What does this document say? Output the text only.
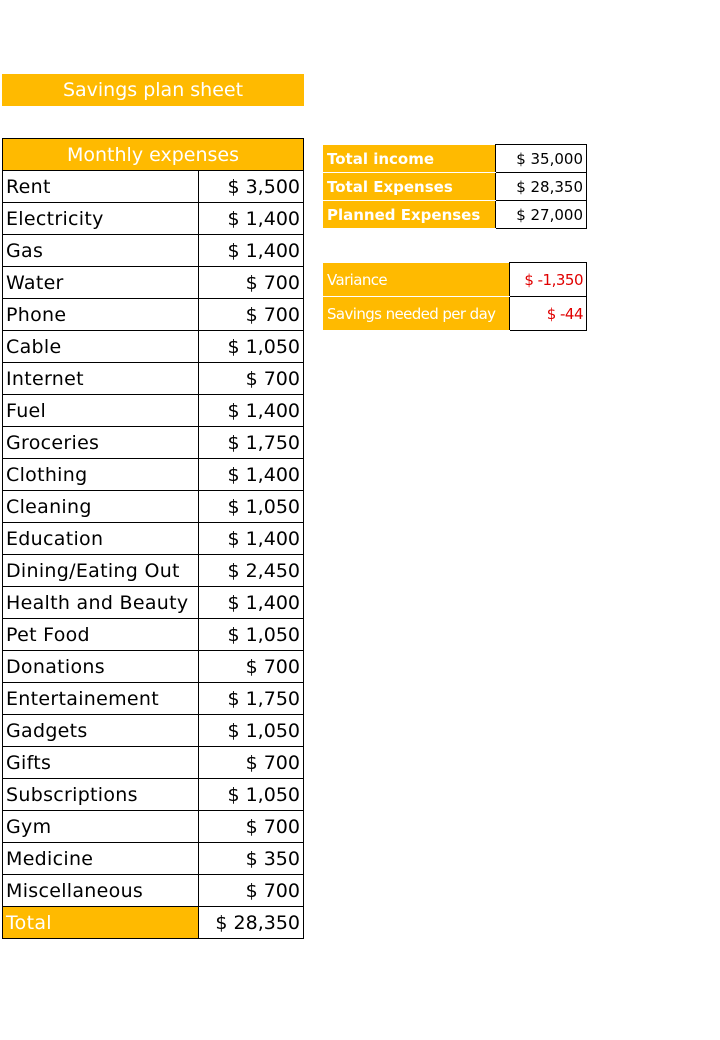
Savings plan sheet
Monthly expenses	
Rent	$ 3,500
Electricity	$ 1,400
Gas	$ 1,400
Water	$ 700
Phone	$ 700
Cable	$ 1,050
Internet	$ 700
Fuel	$ 1,400
Groceries	$ 1,750
Clothing	$ 1,400
Cleaning	$ 1,050
Education	$ 1,400
Dining/Eating Out	$ 2,450
Health and Beauty	$ 1,400
Pet Food	$ 1,050
Donations	$ 700
Entertainement	$ 1,750
Gadgets	$ 1,050
Gifts	$ 700
Subscriptions	$ 1,050
Gym	$ 700
Medicine	$ 350
Miscellaneous	$ 700
Total	$ 28,350
Total income	$ 35,000
Total Expenses	$ 28,350
Planned Expenses	$ 27,000
Variance	$ -1,350
Savings needed per day	$ -44
